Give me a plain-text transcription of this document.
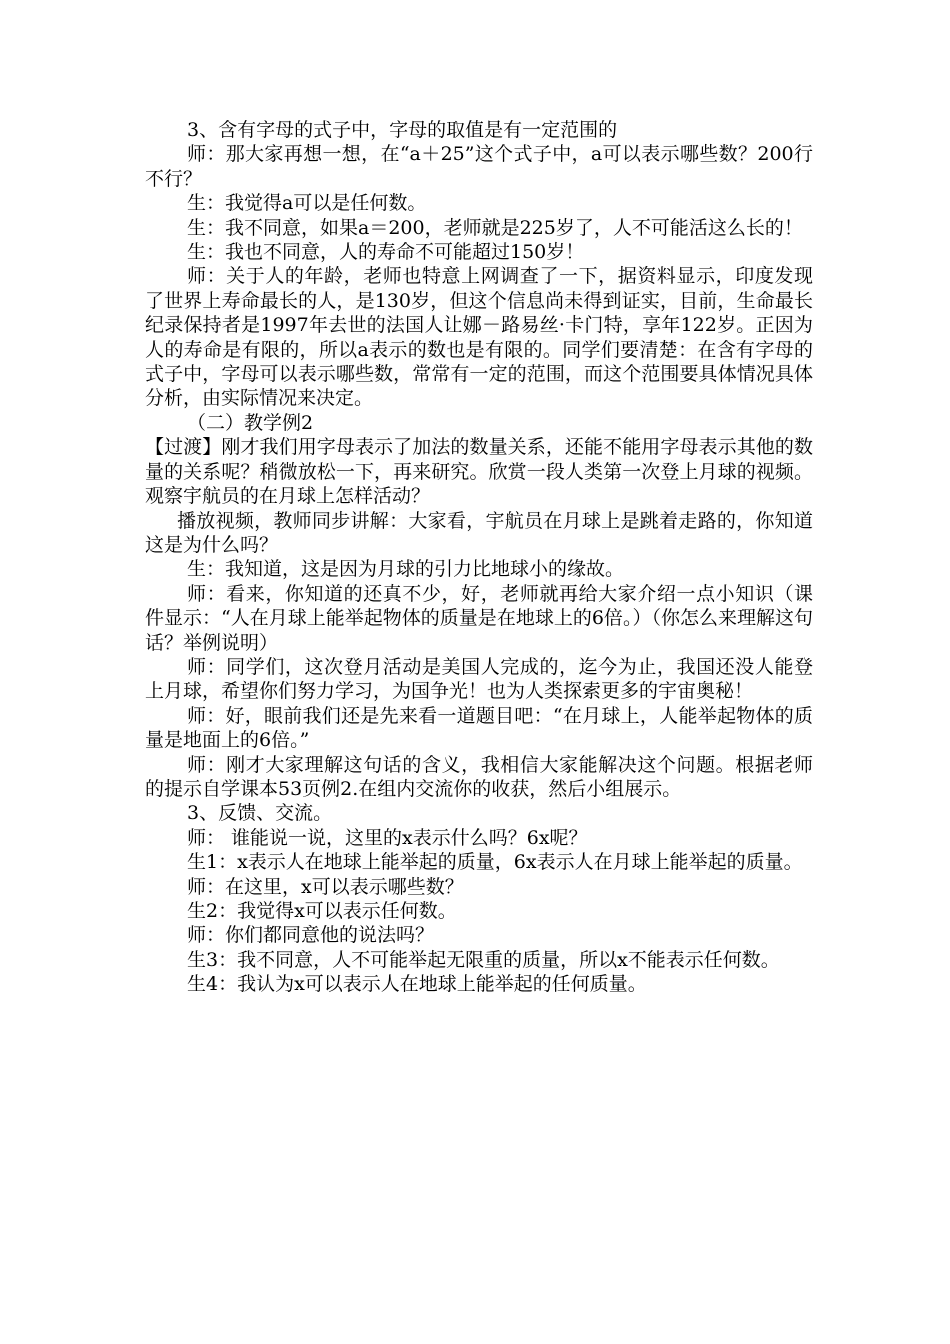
3、含有字母的式子中，字母的取值是有一定范围的

师：那大家再想一想，在“a＋25”这个式子中，a可以表示哪些数？200行不行？

生：我觉得a可以是任何数。

生：我不同意，如果a＝200，老师就是225岁了，人不可能活这么长的！

生：我也不同意，人的寿命不可能超过150岁！

师：关于人的年龄，老师也特意上网调查了一下，据资料显示，印度发现了世界上寿命最长的人，是130岁，但这个信息尚未得到证实，目前，生命最长纪录保持者是1997年去世的法国人让娜－路易丝·卡门特，享年122岁。正因为人的寿命是有限的，所以a表示的数也是有限的。同学们要清楚：在含有字母的式子中，字母可以表示哪些数，常常有一定的范围，而这个范围要具体情况具体分析，由实际情况来决定。

（二）教学例2

【过渡】刚才我们用字母表示了加法的数量关系，还能不能用字母表示其他的数量的关系呢？稍微放松一下，再来研究。欣赏一段人类第一次登上月球的视频。观察宇航员的在月球上怎样活动？

播放视频，教师同步讲解：大家看，宇航员在月球上是跳着走路的，你知道这是为什么吗？

生：我知道，这是因为月球的引力比地球小的缘故。

师：看来，你知道的还真不少，好，老师就再给大家介绍一点小知识（课件显示：“人在月球上能举起物体的质量是在地球上的6倍。）（你怎么来理解这句话？举例说明）

师：同学们，这次登月活动是美国人完成的，迄今为止，我国还没人能登上月球，希望你们努力学习，为国争光！也为人类探索更多的宇宙奥秘！

师：好，眼前我们还是先来看一道题目吧：“在月球上，人能举起物体的质量是地面上的6倍。”

师：刚才大家理解这句话的含义，我相信大家能解决这个问题。根据老师的提示自学课本53页例2.在组内交流你的收获，然后小组展示。

3、反馈、交流。

师： 谁能说一说，这里的x表示什么吗？6x呢？

生1：x表示人在地球上能举起的质量，6x表示人在月球上能举起的质量。

师：在这里，x可以表示哪些数？

生2：我觉得x可以表示任何数。

师：你们都同意他的说法吗？

生3：我不同意，人不可能举起无限重的质量，所以x不能表示任何数。

生4：我认为x可以表示人在地球上能举起的任何质量。
